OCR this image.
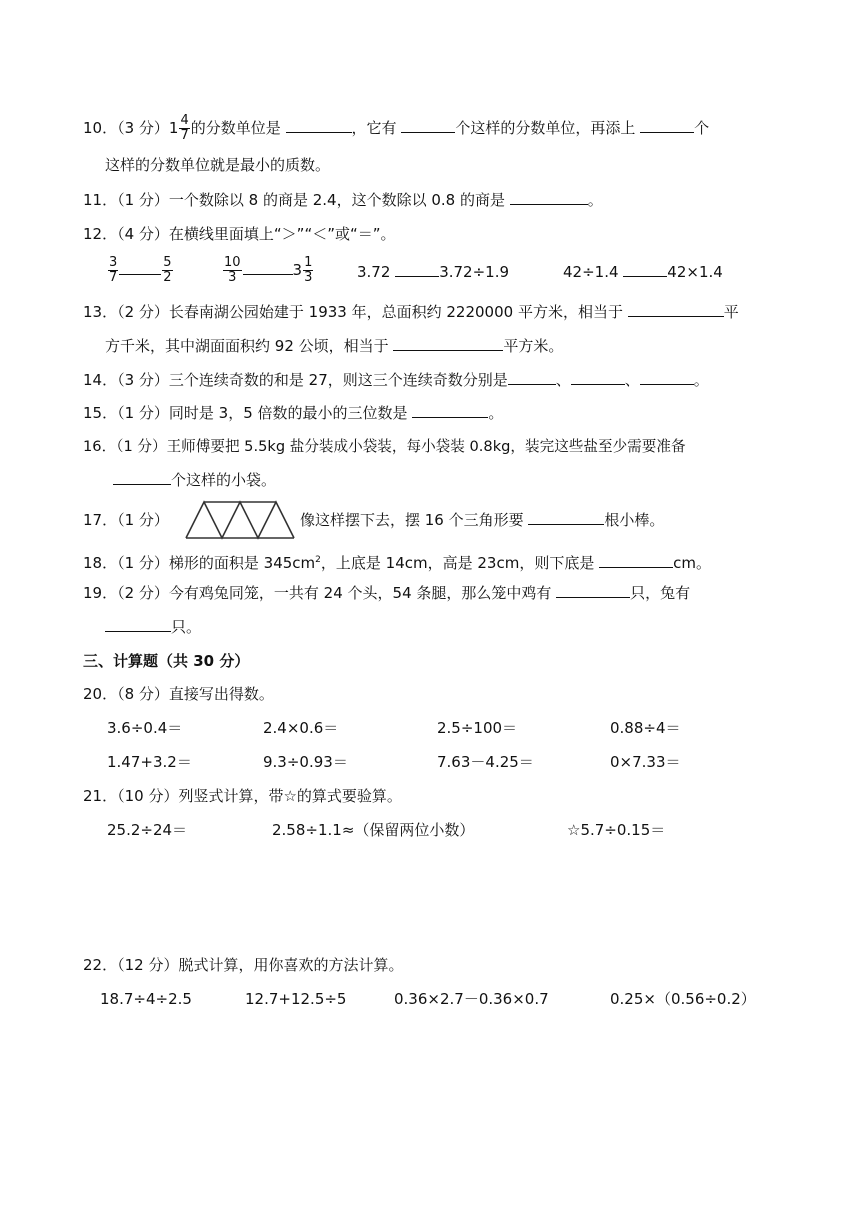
10．（3 分）$1 \frac{4}{7}$ 的分数单位是	，它有	个这样的分数单位，再添上	个
这样的分数单位就是最小的质数。
11．（1 分）一个数除以 8 的商是 2.4，这个数除以 0.8 的商是	。
12．（4 分）在横线里面填上“＞”“＜”或“＝”。
$\frac{3}{7}$	$\frac{5}{2}$	$\frac{10}{3}$	$3 \frac{1}{3}$	3.72	3.72÷1.9	42÷1.4	42×1.4
13．（2 分）长春南湖公园始建于 1933 年，总面积约 2220000 平方米，相当于	平
方千米，其中湖面面积约 92 公顷，相当于	平方米。
14．（3 分）三个连续奇数的和是 27，则这三个连续奇数分别是	、	、	。
15．（1 分）同时是 3，5 倍数的最小的三位数是	。
16．（1 分）王师傅要把 5.5kg 盐分装成小袋装，每小袋装 0.8kg，装完这些盐至少需要准备
个这样的小袋。
17．（1 分）	像这样摆下去，摆 16 个三角形要	根小棒。
18．（1 分）梯形的面积是 $345cm^2$，上底是 14cm，高是 23cm，则下底是	cm。
19．（2 分）今有鸡兔同笼，一共有 24 个头，54 条腿，那么笼中鸡有	只，兔有
只。
三、计算题（共 30 分）
20．（8 分）直接写出得数。
3.6÷0.4＝	2.4×0.6＝	2.5÷100＝	0.88÷4＝
1.47+3.2＝	9.3÷0.93＝	7.63－4.25＝	0×7.33＝
21．（10 分）列竖式计算，带☆的算式要验算。
25.2÷24＝	2.58÷1.1≈（保留两位小数）	☆5.7÷0.15＝
22．（12 分）脱式计算，用你喜欢的方法计算。
18.7÷4÷2.5	12.7+12.5÷5	0.36×2.7－0.36×0.7	0.25×（0.56÷0.2）
